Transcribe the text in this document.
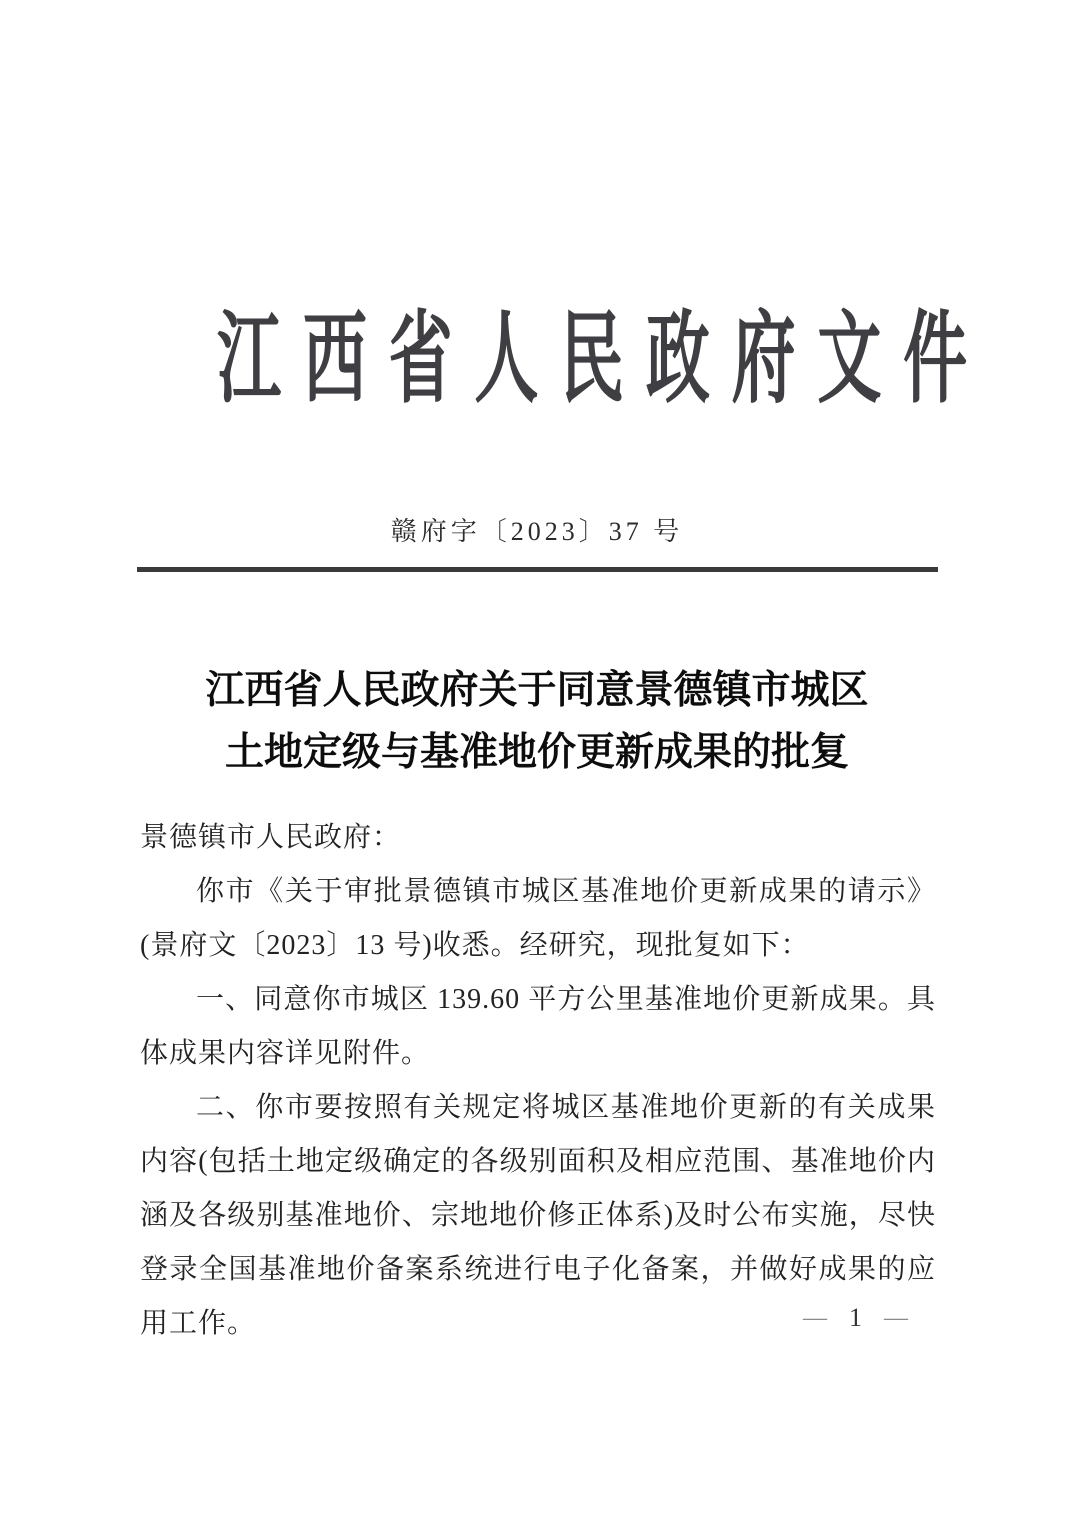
江西省人民政府文件
赣府字〔2023〕37 号
江西省人民政府关于同意景德镇市城区
土地定级与基准地价更新成果的批复

景德镇市人民政府：

你市《关于审批景德镇市城区基准地价更新成果的请示》(景府文〔2023〕13 号)收悉。经研究，现批复如下：

一、同意你市城区 139.60 平方公里基准地价更新成果。具体成果内容详见附件。

二、你市要按照有关规定将城区基准地价更新的有关成果内容(包括土地定级确定的各级别面积及相应范围、基准地价内涵及各级别基准地价、宗地地价修正体系)及时公布实施，尽快登录全国基准地价备案系统进行电子化备案，并做好成果的应用工作。	— 1 —
